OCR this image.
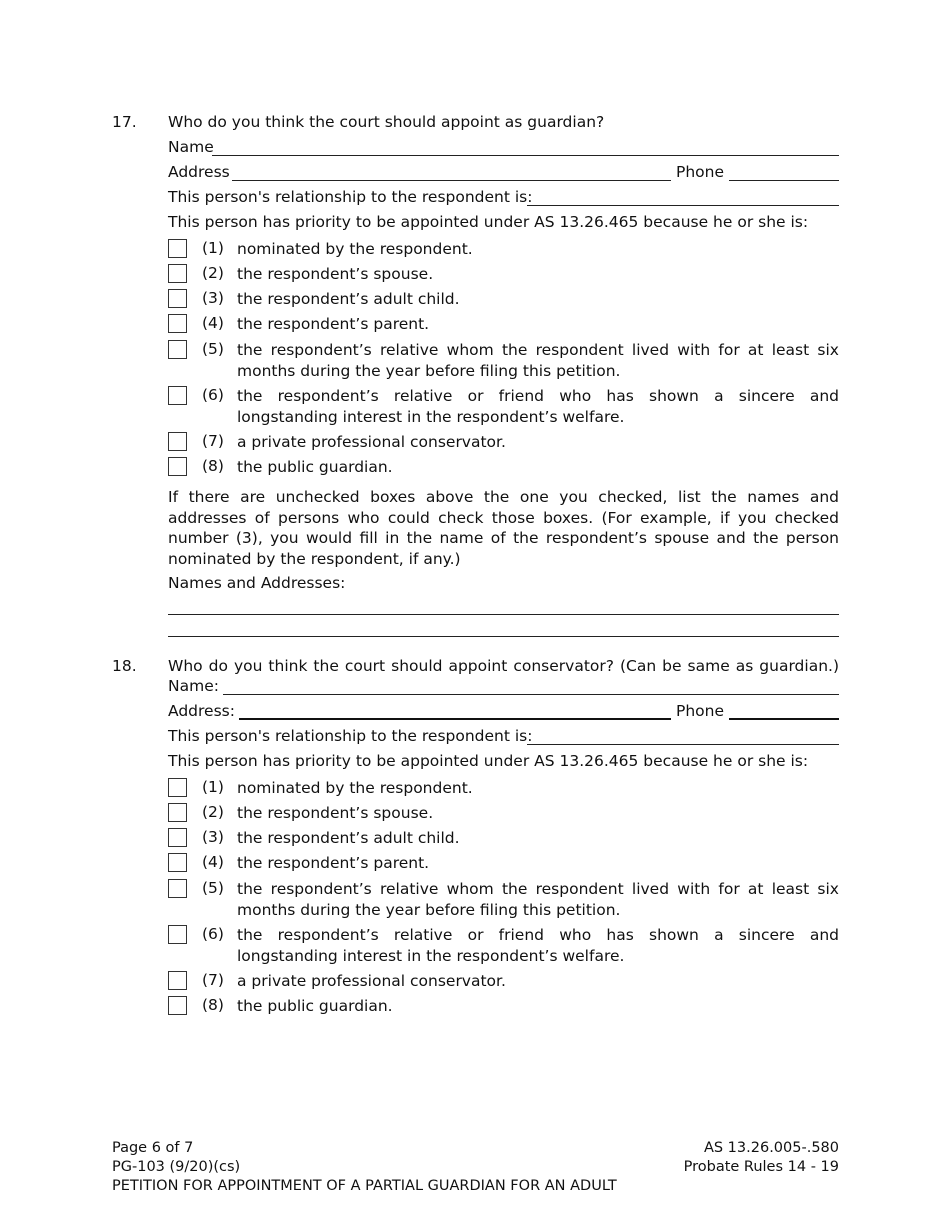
17. Who do you think the court should appoint as guardian?
Name
Address	Phone
This person's relationship to the respondent is:
This person has priority to be appointed under AS 13.26.465 because he or she is:
(1) nominated by the respondent.
(2) the respondent’s spouse.
(3) the respondent’s adult child.
(4) the respondent’s parent.
(5) the respondent’s relative whom the respondent lived with for at least six months during the year before filing this petition.
(6) the respondent’s relative or friend who has shown a sincere and longstanding interest in the respondent’s welfare.
(7) a private professional conservator.
(8) the public guardian.
If there are unchecked boxes above the one you checked, list the names and addresses of persons who could check those boxes. (For example, if you checked number (3), you would fill in the name of the respondent’s spouse and the person nominated by the respondent, if any.)
Names and Addresses:
18. Who do you think the court should appoint conservator? (Can be same as guardian.)
Name:
Address:	Phone
This person's relationship to the respondent is:
This person has priority to be appointed under AS 13.26.465 because he or she is:
(1) nominated by the respondent.
(2) the respondent’s spouse.
(3) the respondent’s adult child.
(4) the respondent’s parent.
(5) the respondent’s relative whom the respondent lived with for at least six months during the year before filing this petition.
(6) the respondent’s relative or friend who has shown a sincere and longstanding interest in the respondent’s welfare.
(7) a private professional conservator.
(8) the public guardian.
Page 6 of 7
PG-103 (9/20)(cs)
PETITION FOR APPOINTMENT OF A PARTIAL GUARDIAN FOR AN ADULT
AS 13.26.005-.580
Probate Rules 14 - 19
